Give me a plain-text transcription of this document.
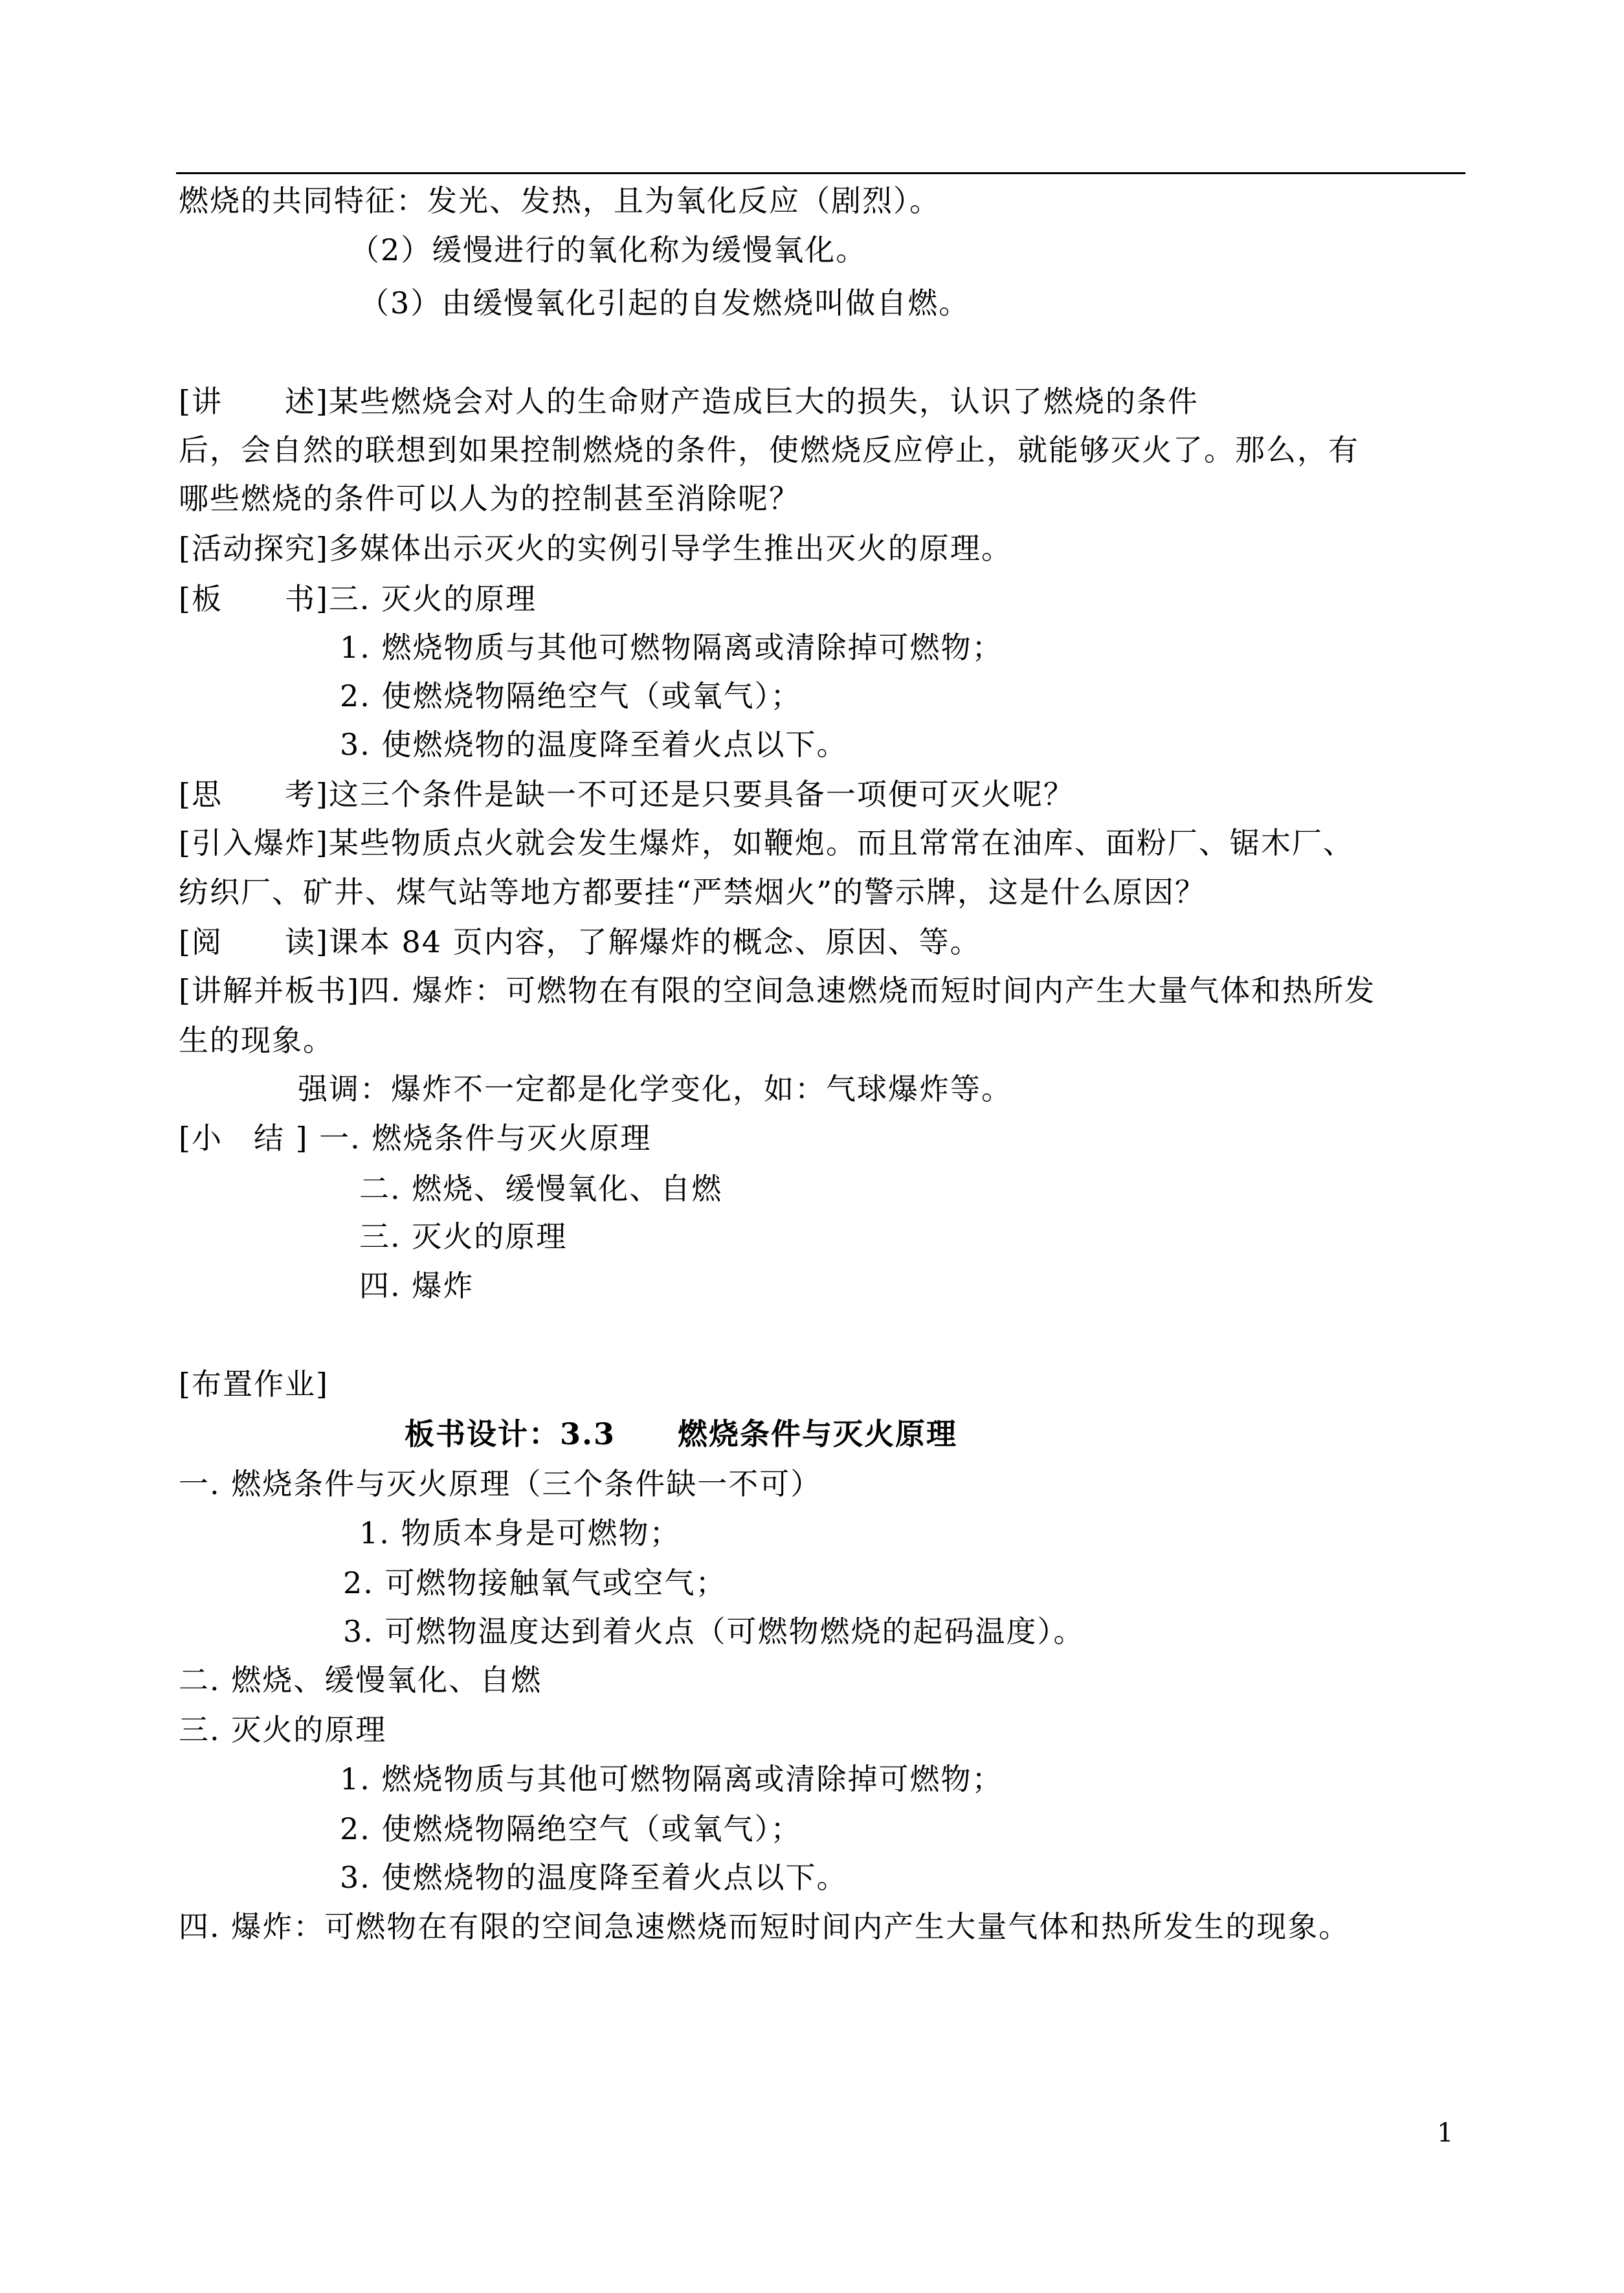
燃烧的共同特征：发光、发热，且为氧化反应（剧烈）。
（2）缓慢进行的氧化称为缓慢氧化。
（3）由缓慢氧化引起的自发燃烧叫做自燃。
[讲　　述]某些燃烧会对人的生命财产造成巨大的损失，认识了燃烧的条件
后，会自然的联想到如果控制燃烧的条件，使燃烧反应停止，就能够灭火了。那么，有
哪些燃烧的条件可以人为的控制甚至消除呢？
[活动探究]多媒体出示灭火的实例引导学生推出灭火的原理。
[板　　书]三. 灭火的原理
1. 燃烧物质与其他可燃物隔离或清除掉可燃物；
2. 使燃烧物隔绝空气（或氧气）；
3. 使燃烧物的温度降至着火点以下。
[思　　考]这三个条件是缺一不可还是只要具备一项便可灭火呢？
[引入爆炸]某些物质点火就会发生爆炸，如鞭炮。而且常常在油库、面粉厂、锯木厂、
纺织厂、矿井、煤气站等地方都要挂“严禁烟火”的警示牌，这是什么原因？
[阅　　读]课本 84 页内容，了解爆炸的概念、原因、等。
[讲解并板书]四. 爆炸：可燃物在有限的空间急速燃烧而短时间内产生大量气体和热所发
生的现象。
强调：爆炸不一定都是化学变化，如：气球爆炸等。
[小　结 ] 一. 燃烧条件与灭火原理
二. 燃烧、缓慢氧化、自燃
三. 灭火的原理
四. 爆炸
[布置作业]
板书设计：3.3　　燃烧条件与灭火原理
一. 燃烧条件与灭火原理（三个条件缺一不可）
1. 物质本身是可燃物；
2. 可燃物接触氧气或空气；
3. 可燃物温度达到着火点（可燃物燃烧的起码温度）。
二. 燃烧、缓慢氧化、自燃
三. 灭火的原理
1. 燃烧物质与其他可燃物隔离或清除掉可燃物；
2. 使燃烧物隔绝空气（或氧气）；
3. 使燃烧物的温度降至着火点以下。
四. 爆炸：可燃物在有限的空间急速燃烧而短时间内产生大量气体和热所发生的现象。
1
